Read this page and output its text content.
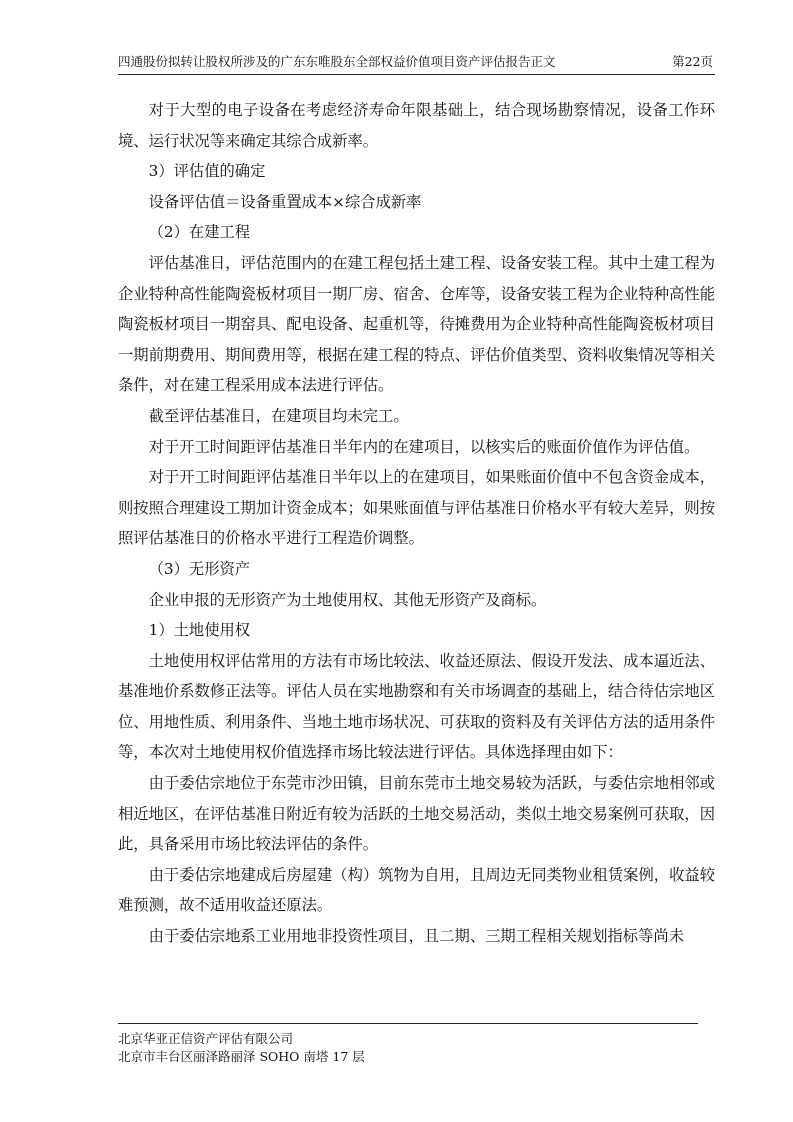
四通股份拟转让股权所涉及的广东东唯股东全部权益价值项目资产评估报告正文	第22页

对于大型的电子设备在考虑经济寿命年限基础上，结合现场勘察情况，设备工作环境、运行状况等来确定其综合成新率。

3）评估值的确定

设备评估值＝设备重置成本×综合成新率

（2）在建工程

评估基准日，评估范围内的在建工程包括土建工程、设备安装工程。其中土建工程为企业特种高性能陶瓷板材项目一期厂房、宿舍、仓库等，设备安装工程为企业特种高性能陶瓷板材项目一期窑具、配电设备、起重机等，待摊费用为企业特种高性能陶瓷板材项目一期前期费用、期间费用等，根据在建工程的特点、评估价值类型、资料收集情况等相关条件，对在建工程采用成本法进行评估。

截至评估基准日，在建项目均未完工。

对于开工时间距评估基准日半年内的在建项目，以核实后的账面价值作为评估值。

对于开工时间距评估基准日半年以上的在建项目，如果账面价值中不包含资金成本，则按照合理建设工期加计资金成本；如果账面值与评估基准日价格水平有较大差异，则按照评估基准日的价格水平进行工程造价调整。

（3）无形资产

企业申报的无形资产为土地使用权、其他无形资产及商标。

1）土地使用权

土地使用权评估常用的方法有市场比较法、收益还原法、假设开发法、成本逼近法、基准地价系数修正法等。评估人员在实地勘察和有关市场调查的基础上，结合待估宗地区位、用地性质、利用条件、当地土地市场状况、可获取的资料及有关评估方法的适用条件等，本次对土地使用权价值选择市场比较法进行评估。具体选择理由如下：

由于委估宗地位于东莞市沙田镇，目前东莞市土地交易较为活跃，与委估宗地相邻或相近地区，在评估基准日附近有较为活跃的土地交易活动，类似土地交易案例可获取，因此，具备采用市场比较法评估的条件。

由于委估宗地建成后房屋建（构）筑物为自用，且周边无同类物业租赁案例，收益较难预测，故不适用收益还原法。

由于委估宗地系工业用地非投资性项目，且二期、三期工程相关规划指标等尚未

北京华亚正信资产评估有限公司
北京市丰台区丽泽路丽泽 SOHO 南塔 17 层
